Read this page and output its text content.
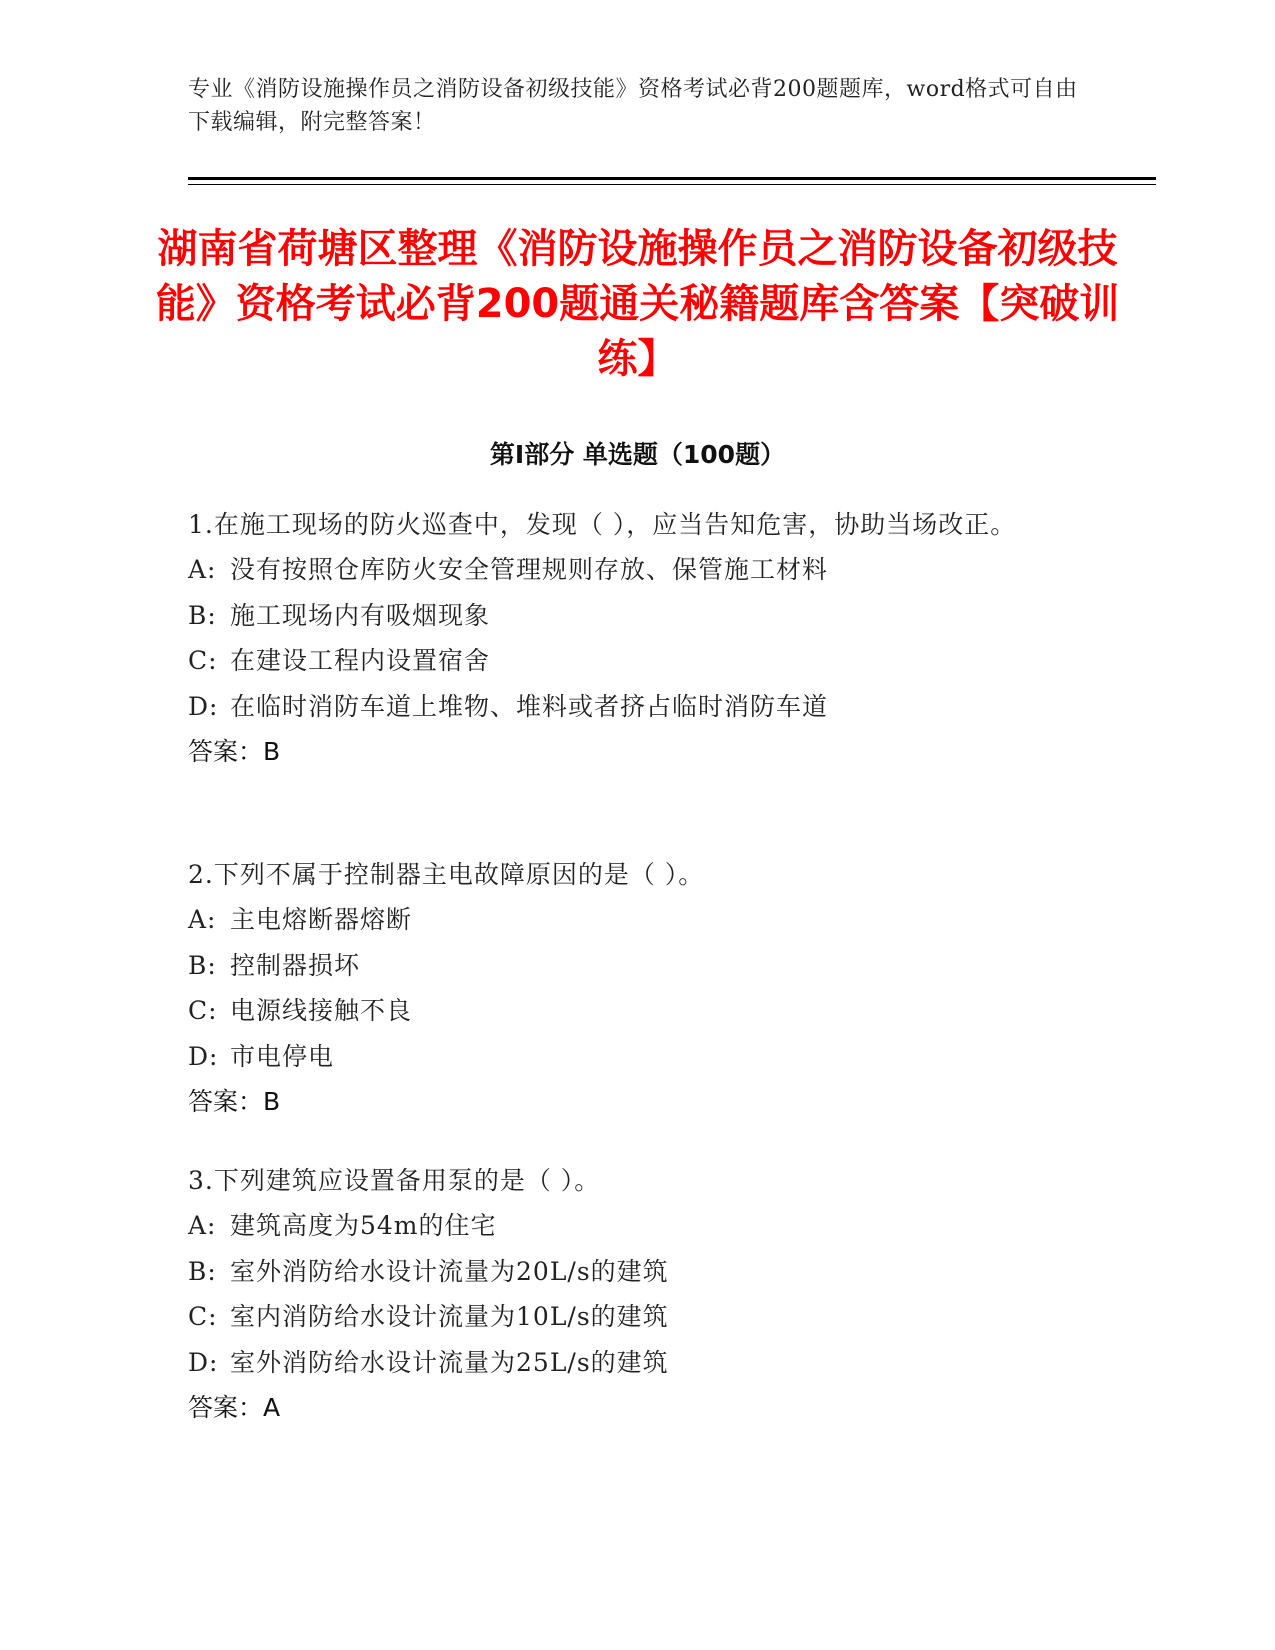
专业《消防设施操作员之消防设备初级技能》资格考试必背200题题库，word格式可自由下载编辑，附完整答案！
湖南省荷塘区整理《消防设施操作员之消防设备初级技能》资格考试必背200题通关秘籍题库含答案【突破训练】
第Ⅰ部分 单选题（100题）

1.在施工现场的防火巡查中，发现（ ），应当告知危害，协助当场改正。

A: 没有按照仓库防火安全管理规则存放、保管施工材料

B: 施工现场内有吸烟现象

C: 在建设工程内设置宿舍

D: 在临时消防车道上堆物、堆料或者挤占临时消防车道

答案：B

2.下列不属于控制器主电故障原因的是（ ）。

A: 主电熔断器熔断

B: 控制器损坏

C: 电源线接触不良

D: 市电停电

答案：B

3.下列建筑应设置备用泵的是（ ）。

A: 建筑高度为54m的住宅

B: 室外消防给水设计流量为20L/s的建筑

C: 室内消防给水设计流量为10L/s的建筑

D: 室外消防给水设计流量为25L/s的建筑

答案：A
